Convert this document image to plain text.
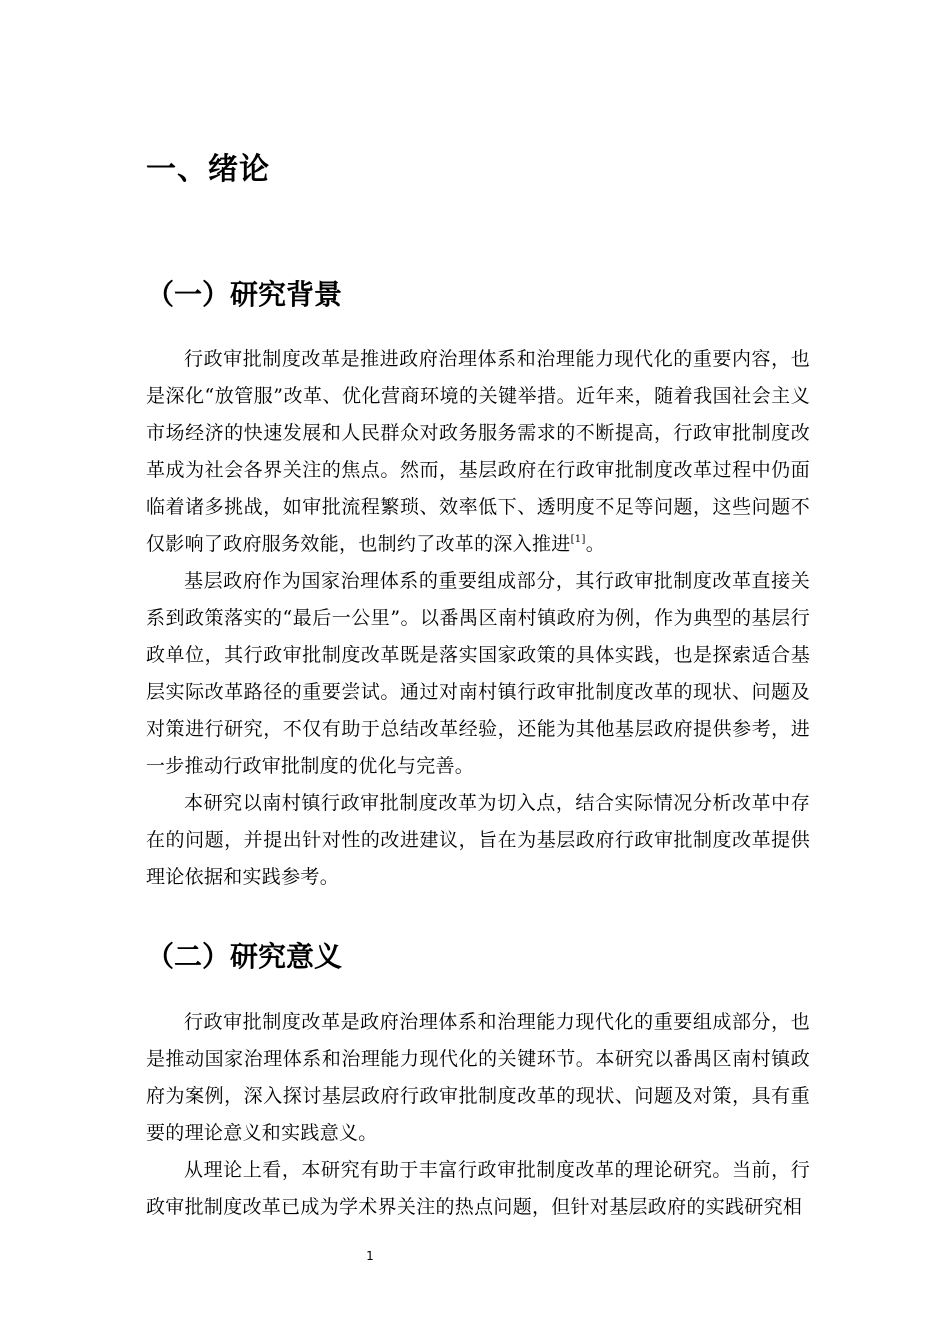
一、绪论
（一）研究背景

行政审批制度改革是推进政府治理体系和治理能力现代化的重要内容，也是深化“放管服”改革、优化营商环境的关键举措。近年来，随着我国社会主义市场经济的快速发展和人民群众对政务服务需求的不断提高，行政审批制度改革成为社会各界关注的焦点。然而，基层政府在行政审批制度改革过程中仍面临着诸多挑战，如审批流程繁琐、效率低下、透明度不足等问题，这些问题不仅影响了政府服务效能，也制约了改革的深入推进[1]。

基层政府作为国家治理体系的重要组成部分，其行政审批制度改革直接关系到政策落实的“最后一公里”。以番禺区南村镇政府为例，作为典型的基层行政单位，其行政审批制度改革既是落实国家政策的具体实践，也是探索适合基层实际改革路径的重要尝试。通过对南村镇行政审批制度改革的现状、问题及对策进行研究，不仅有助于总结改革经验，还能为其他基层政府提供参考，进一步推动行政审批制度的优化与完善。

本研究以南村镇行政审批制度改革为切入点，结合实际情况分析改革中存在的问题，并提出针对性的改进建议，旨在为基层政府行政审批制度改革提供理论依据和实践参考。

（二）研究意义

行政审批制度改革是政府治理体系和治理能力现代化的重要组成部分，也是推动国家治理体系和治理能力现代化的关键环节。本研究以番禺区南村镇政府为案例，深入探讨基层政府行政审批制度改革的现状、问题及对策，具有重要的理论意义和实践意义。

从理论上看，本研究有助于丰富行政审批制度改革的理论研究。当前，行政审批制度改革已成为学术界关注的热点问题，但针对基层政府的实践研究相

1
